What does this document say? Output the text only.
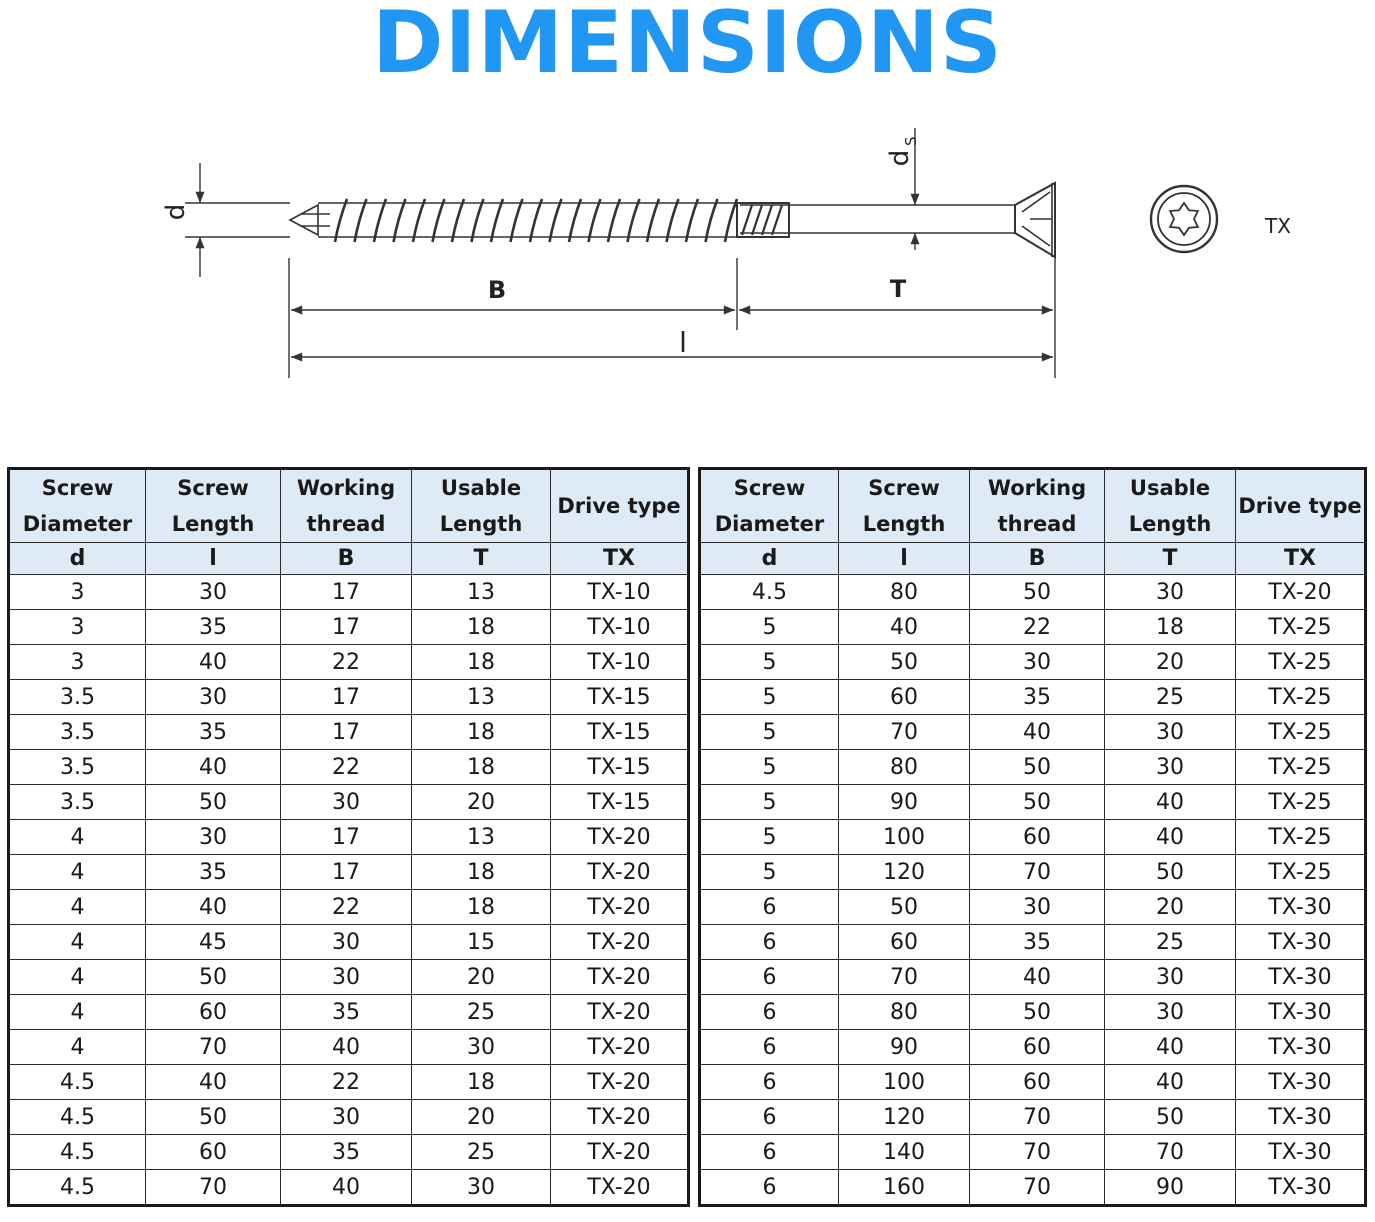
DIMENSIONS
d
d
S
B	T
l
TX
Screw Diameter	Screw Length	Working thread	Usable Length	Drive type
d	l	B	T	TX
3	30	17	13	TX-10
3	35	17	18	TX-10
3	40	22	18	TX-10
3.5	30	17	13	TX-15
3.5	35	17	18	TX-15
3.5	40	22	18	TX-15
3.5	50	30	20	TX-15
4	30	17	13	TX-20
4	35	17	18	TX-20
4	40	22	18	TX-20
4	45	30	15	TX-20
4	50	30	20	TX-20
4	60	35	25	TX-20
4	70	40	30	TX-20
4.5	40	22	18	TX-20
4.5	50	30	20	TX-20
4.5	60	35	25	TX-20
4.5	70	40	30	TX-20
Screw Diameter	Screw Length	Working thread	Usable Length	Drive type
d	l	B	T	TX
4.5	80	50	30	TX-20
5	40	22	18	TX-25
5	50	30	20	TX-25
5	60	35	25	TX-25
5	70	40	30	TX-25
5	80	50	30	TX-25
5	90	50	40	TX-25
5	100	60	40	TX-25
5	120	70	50	TX-25
6	50	30	20	TX-30
6	60	35	25	TX-30
6	70	40	30	TX-30
6	80	50	30	TX-30
6	90	60	40	TX-30
6	100	60	40	TX-30
6	120	70	50	TX-30
6	140	70	70	TX-30
6	160	70	90	TX-30
